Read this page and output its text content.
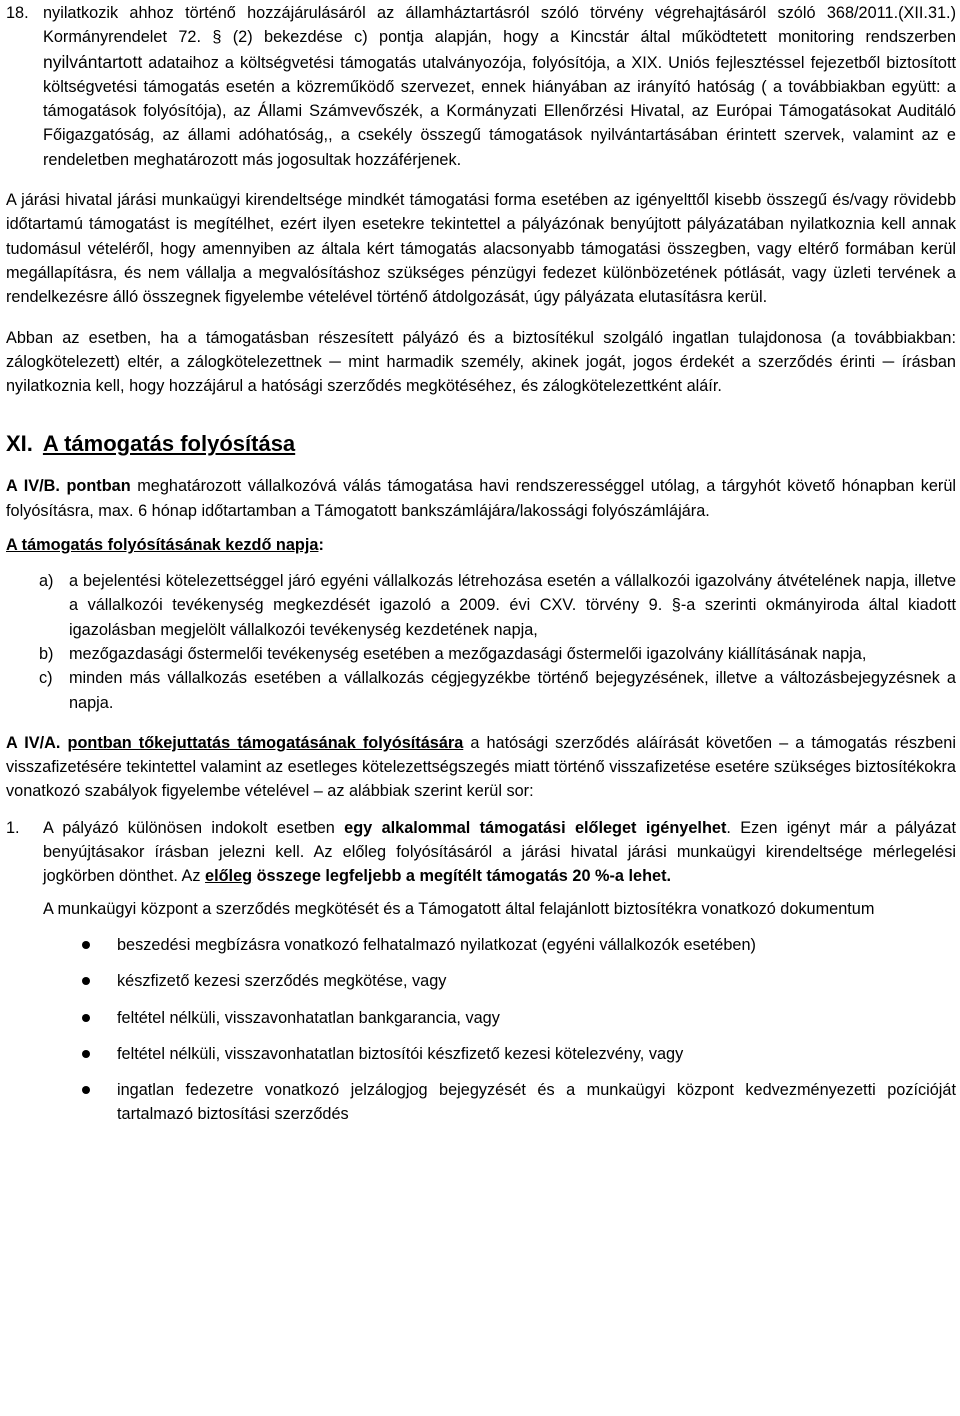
18. nyilatkozik ahhoz történő hozzájárulásáról az államháztartásról szóló törvény végrehajtásáról szóló 368/2011.(XII.31.) Kormányrendelet 72. § (2) bekezdése c) pontja alapján, hogy a Kincstár által működtetett monitoring rendszerben nyilvántartott adataihoz a költségvetési támogatás utalványozója, folyósítója, a XIX. Uniós fejlesztéssel fejezetből biztosított költségvetési támogatás esetén a közreműködő szervezet, ennek hiányában az irányító hatóság ( a továbbiakban együtt: a támogatások folyósítója), az Állami Számvevőszék, a Kormányzati Ellenőrzési Hivatal, az Európai Támogatásokat Auditáló Főigazgatóság, az állami adóhatóság,, a csekély összegű támogatások nyilvántartásában érintett szervek, valamint az e rendeletben meghatározott más jogosultak hozzáférjenek.

A járási hivatal járási munkaügyi kirendeltsége mindkét támogatási forma esetében az igényelttől kisebb összegű és/vagy rövidebb időtartamú támogatást is megítélhet, ezért ilyen esetekre tekintettel a pályázónak benyújtott pályázatában nyilatkoznia kell annak tudomásul vételéről, hogy amennyiben az általa kért támogatás alacsonyabb támogatási összegben, vagy eltérő formában kerül megállapításra, és nem vállalja a megvalósításhoz szükséges pénzügyi fedezet különbözetének pótlását, vagy üzleti tervének a rendelkezésre álló összegnek figyelembe vételével történő átdolgozását, úgy pályázata elutasításra kerül.

Abban az esetben, ha a támogatásban részesített pályázó és a biztosítékul szolgáló ingatlan tulajdonosa (a továbbiakban: zálogkötelezett) eltér, a zálogkötelezettnek ─ mint harmadik személy, akinek jogát, jogos érdekét a szerződés érinti ─ írásban nyilatkoznia kell, hogy hozzájárul a hatósági szerződés megkötéséhez, és zálogkötelezettként aláír.

XI. A támogatás folyósítása

A IV/B. pontban meghatározott vállalkozóvá válás támogatása havi rendszerességgel utólag, a tárgyhót követő hónapban kerül folyósításra, max. 6 hónap időtartamban a Támogatott bankszámlájára/lakossági folyószámlájára.

A támogatás folyósításának kezdő napja:

a) a bejelentési kötelezettséggel járó egyéni vállalkozás létrehozása esetén a vállalkozói igazolvány átvételének napja, illetve a vállalkozói tevékenység megkezdését igazoló a 2009. évi CXV. törvény 9. §-a szerinti okmányiroda által kiadott igazolásban megjelölt vállalkozói tevékenység kezdetének napja,
b) mezőgazdasági őstermelői tevékenység esetében a mezőgazdasági őstermelői igazolvány kiállításának napja,
c) minden más vállalkozás esetében a vállalkozás cégjegyzékbe történő bejegyzésének, illetve a változásbejegyzésnek a napja.

A IV/A. pontban tőkejuttatás támogatásának folyósítására a hatósági szerződés aláírását követően – a támogatás részbeni visszafizetésére tekintettel valamint az esetleges kötelezettségszegés miatt történő visszafizetése esetére szükséges biztosítékokra vonatkozó szabályok figyelembe vételével – az alábbiak szerint kerül sor:

1. A pályázó különösen indokolt esetben egy alkalommal támogatási előleget igényelhet. Ezen igényt már a pályázat benyújtásakor írásban jelezni kell. Az előleg folyósításáról a járási hivatal járási munkaügyi kirendeltsége mérlegelési jogkörben dönthet. Az előleg összege legfeljebb a megítélt támogatás 20 %-a lehet.

A munkaügyi központ a szerződés megkötését és a Támogatott által felajánlott biztosítékra vonatkozó dokumentum

beszedési megbízásra vonatkozó felhatalmazó nyilatkozat (egyéni vállalkozók esetében)
készfizető kezesi szerződés megkötése, vagy
feltétel nélküli, visszavonhatatlan bankgarancia, vagy
feltétel nélküli, visszavonhatatlan biztosítói készfizető kezesi kötelezvény, vagy
ingatlan fedezetre vonatkozó jelzálogjog bejegyzését és a munkaügyi központ kedvezményezetti pozícióját tartalmazó biztosítási szerződés
